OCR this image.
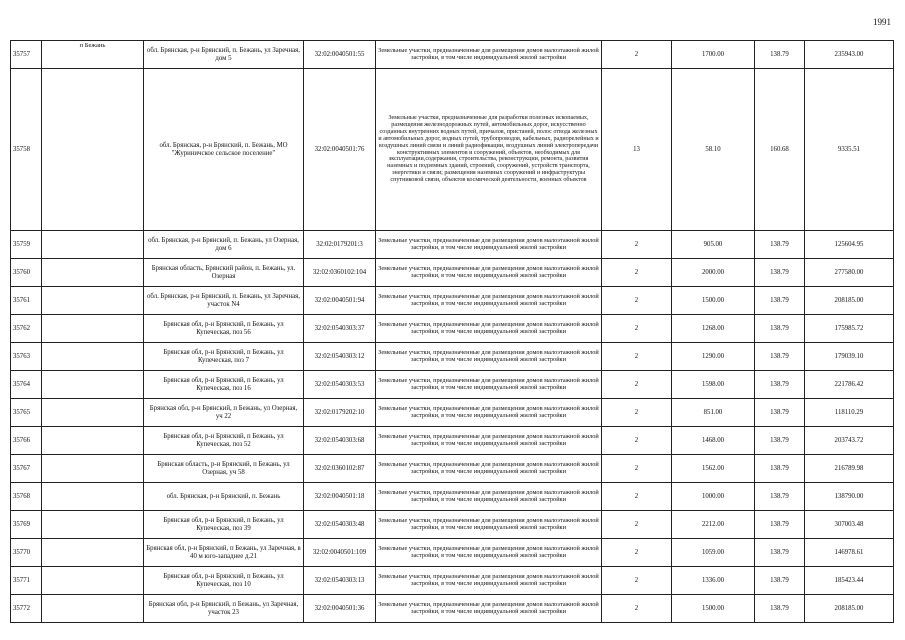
1991
35757	п Бежань	обл. Брянская, р-н Брянский, п. Бежань, ул Заречная, дом 5	32:02:0040501:55	Земельные участки, предназначенные для размещения домов малоэтажной жилой застройки, в том числе индивидуальной жилой застройки	2	1700.00	138.79	235943.00
35758		обл. Брянская, р-н Брянский, п. Бежань, МО "Журиничское сельское поселение"	32:02:0040501:76	Земельные участки, предназначенные для разработки полезных ископаемых, размещения железнодорожных путей, автомобильных дорог, искусственно созданных внутренних водных путей, причалов, пристаней, полос отвода железных и автомобильных дорог, водных путей, трубопроводов, кабельных, радиорелейных и воздушных линий связи и линий радиофикации, воздушных линий электропередачи конструктивных элементов и сооружений, объектов, необходимых для эксплуатации,содержания, строительства, реконструкции, ремонта, развития наземных и подземных зданий, строений, сооружений, устройств транспорта, энергетики и связи; размещения наземных сооружений и инфраструктуры спутниковой связи, объектов космической деятельности, военных объектов	13	58.10	160.68	9335.51
35759		обл. Брянская, р-н Брянский, п. Бежань, ул Озерная, дом 6	32:02:0179201:3	Земельные участки, предназначенные для размещения домов малоэтажной жилой застройки, в том числе индивидуальной жилой застройки	2	905.00	138.79	125604.95
35760		Брянская область, Брянский район, п. Бежань, ул. Озерная	32:02:0360102:104	Земельные участки, предназначенные для размещения домов малоэтажной жилой застройки, в том числе индивидуальной жилой застройки	2	2000.00	138.79	277580.00
35761		обл. Брянская, р-н Брянский, п. Бежань, ул Заречная, участок N4	32:02:0040501:94	Земельные участки, предназначенные для размещения домов малоэтажной жилой застройки, в том числе индивидуальной жилой застройки	2	1500.00	138.79	208185.00
35762		Брянская обл, р-н Брянский, п Бежань, ул Купеческая, поз 56	32:02:0540303:37	Земельные участки, предназначенные для размещения домов малоэтажной жилой застройки, в том числе индивидуальной жилой застройки	2	1268.00	138.79	175985.72
35763		Брянская обл, р-н Брянский, п Бежань, ул Купеческая, поз 7	32:02:0540303:12	Земельные участки, предназначенные для размещения домов малоэтажной жилой застройки, в том числе индивидуальной жилой застройки	2	1290.00	138.79	179039.10
35764		Брянская обл, р-н Брянский, п Бежань, ул Купеческая, поз 16	32:02:0540303:53	Земельные участки, предназначенные для размещения домов малоэтажной жилой застройки, в том числе индивидуальной жилой застройки	2	1598.00	138.79	221786.42
35765		Брянская обл, р-н Брянский, п Бежань, ул Озерная, уч 22	32:02:0179202:10	Земельные участки, предназначенные для размещения домов малоэтажной жилой застройки, в том числе индивидуальной жилой застройки	2	851.00	138.79	118110.29
35766		Брянская обл, р-н Брянский, п Бежань, ул Купеческая, поз 52	32:02:0540303:68	Земельные участки, предназначенные для размещения домов малоэтажной жилой застройки, в том числе индивидуальной жилой застройки	2	1468.00	138.79	203743.72
35767		Брянская область, р-н Брянский, п Бежань, ул Озерная, уч 58	32:02:0360102:87	Земельные участки, предназначенные для размещения домов малоэтажной жилой застройки, в том числе индивидуальной жилой застройки	2	1562.00	138.79	216789.98
35768		обл. Брянская, р-н Брянский, п. Бежань	32:02:0040501:18	Земельные участки, предназначенные для размещения домов малоэтажной жилой застройки, в том числе индивидуальной жилой застройки	2	1000.00	138.79	138790.00
35769		Брянская обл, р-н Брянский, п Бежань, ул Купеческая, поз 39	32:02:0540303:48	Земельные участки, предназначенные для размещения домов малоэтажной жилой застройки, в том числе индивидуальной жилой застройки	2	2212.00	138.79	307003.48
35770		Брянская обл, р-н Брянский, п Бежань, ул Заречная, в 40 м юго-западнее д.21	32:02:0040501:109	Земельные участки, предназначенные для размещения домов малоэтажной жилой застройки, в том числе индивидуальной жилой застройки	2	1059.00	138.79	146978.61
35771		Брянская обл, р-н Брянский, п Бежань, ул Купеческая, поз 10	32:02:0540303:13	Земельные участки, предназначенные для размещения домов малоэтажной жилой застройки, в том числе индивидуальной жилой застройки	2	1336.00	138.79	185423.44
35772		Брянская обл, р-н Брянский, п Бежань, ул Заречная, участок 23	32:02:0040501:36	Земельные участки, предназначенные для размещения домов малоэтажной жилой застройки, в том числе индивидуальной жилой застройки	2	1500.00	138.79	208185.00
